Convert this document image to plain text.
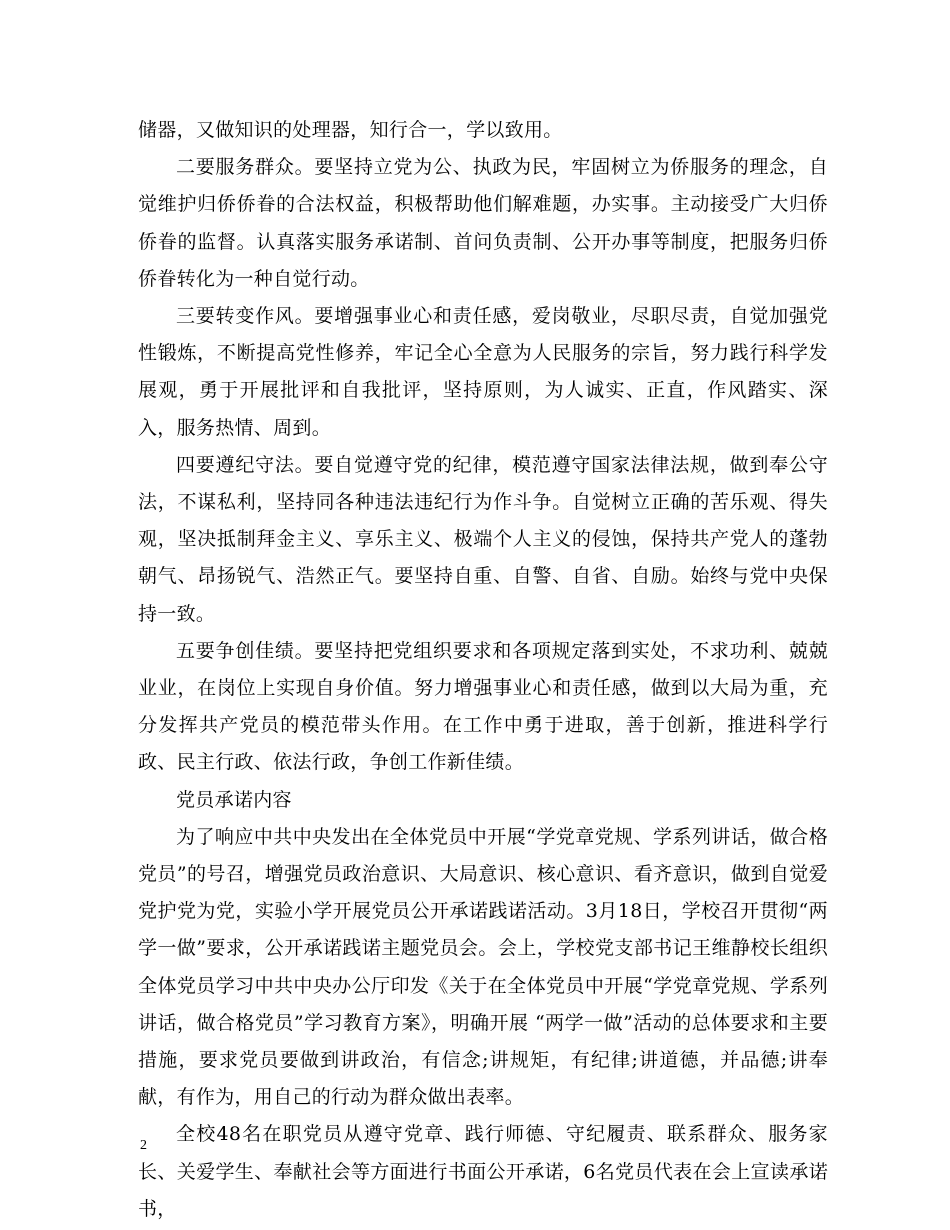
储器，又做知识的处理器，知行合一，学以致用。

二要服务群众。要坚持立党为公、执政为民，牢固树立为侨服务的理念，自觉维护归侨侨眷的合法权益，积极帮助他们解难题，办实事。主动接受广大归侨侨眷的监督。认真落实服务承诺制、首问负责制、公开办事等制度，把服务归侨侨眷转化为一种自觉行动。

三要转变作风。要增强事业心和责任感，爱岗敬业，尽职尽责，自觉加强党性锻炼，不断提高党性修养，牢记全心全意为人民服务的宗旨，努力践行科学发展观，勇于开展批评和自我批评，坚持原则，为人诚实、正直，作风踏实、深入，服务热情、周到。

四要遵纪守法。要自觉遵守党的纪律，模范遵守国家法律法规，做到奉公守法，不谋私利，坚持同各种违法违纪行为作斗争。自觉树立正确的苦乐观、得失观，坚决抵制拜金主义、享乐主义、极端个人主义的侵蚀，保持共产党人的蓬勃朝气、昂扬锐气、浩然正气。要坚持自重、自警、自省、自励。始终与党中央保持一致。

五要争创佳绩。要坚持把党组织要求和各项规定落到实处，不求功利、兢兢业业，在岗位上实现自身价值。努力增强事业心和责任感，做到以大局为重，充分发挥共产党员的模范带头作用。在工作中勇于进取，善于创新，推进科学行政、民主行政、依法行政，争创工作新佳绩。

党员承诺内容

为了响应中共中央发出在全体党员中开展“学党章党规、学系列讲话，做合格党员”的号召，增强党员政治意识、大局意识、核心意识、看齐意识，做到自觉爱党护党为党，实验小学开展党员公开承诺践诺活动。3月18日，学校召开贯彻“两学一做”要求，公开承诺践诺主题党员会。会上，学校党支部书记王维静校长组织全体党员学习中共中央办公厅印发《关于在全体党员中开展“学党章党规、学系列讲话，做合格党员”学习教育方案》，明确开展 “两学一做”活动的总体要求和主要措施，要求党员要做到讲政治，有信念;讲规矩，有纪律;讲道德，并品德;讲奉献，有作为，用自己的行动为群众做出表率。

全校48名在职党员从遵守党章、践行师德、守纪履责、联系群众、服务家长、关爱学生、奉献社会等方面进行书面公开承诺，6名党员代表在会上宣读承诺书，

2
